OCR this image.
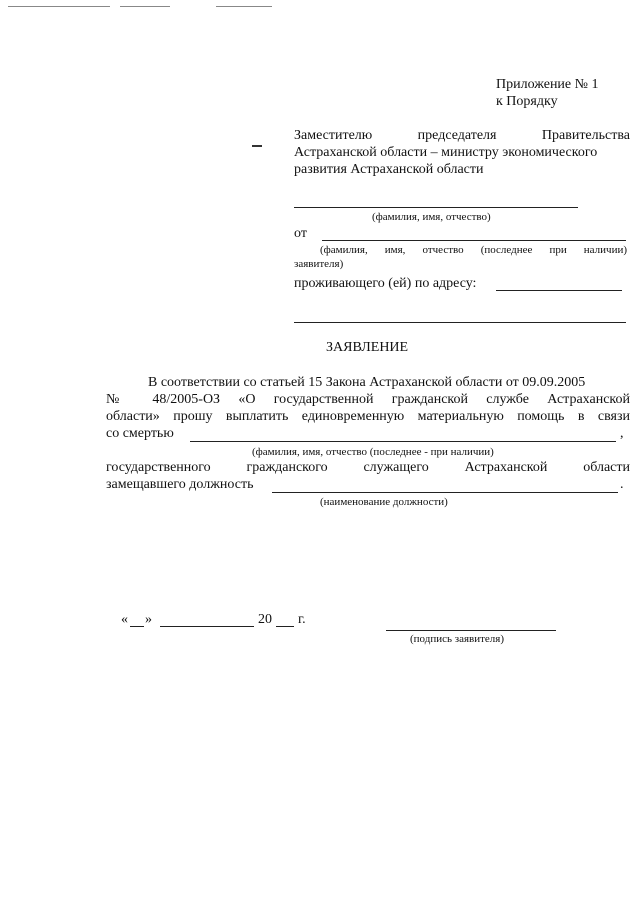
Приложение № 1
к Порядку
Заместителю председателя Правительства
Астраханской области – министру экономического
развития Астраханской области
(фамилия, имя, отчество)
от
(фамилия, имя, отчество (последнее при наличии)
заявителя)
проживающего (ей) по адресу:
ЗАЯВЛЕНИЕ
В соответствии со статьей 15 Закона Астраханской области от 09.09.2005
№ 48/2005-ОЗ «О государственной гражданской службе Астраханской
области» прошу выплатить единовременную материальную помощь в связи
со смертью	,
(фамилия, имя, отчество (последнее - при наличии)
государственного гражданского служащего Астраханской области
замещавшего должность	.
(наименование должности)
« »	20 г.
(подпись заявителя)
